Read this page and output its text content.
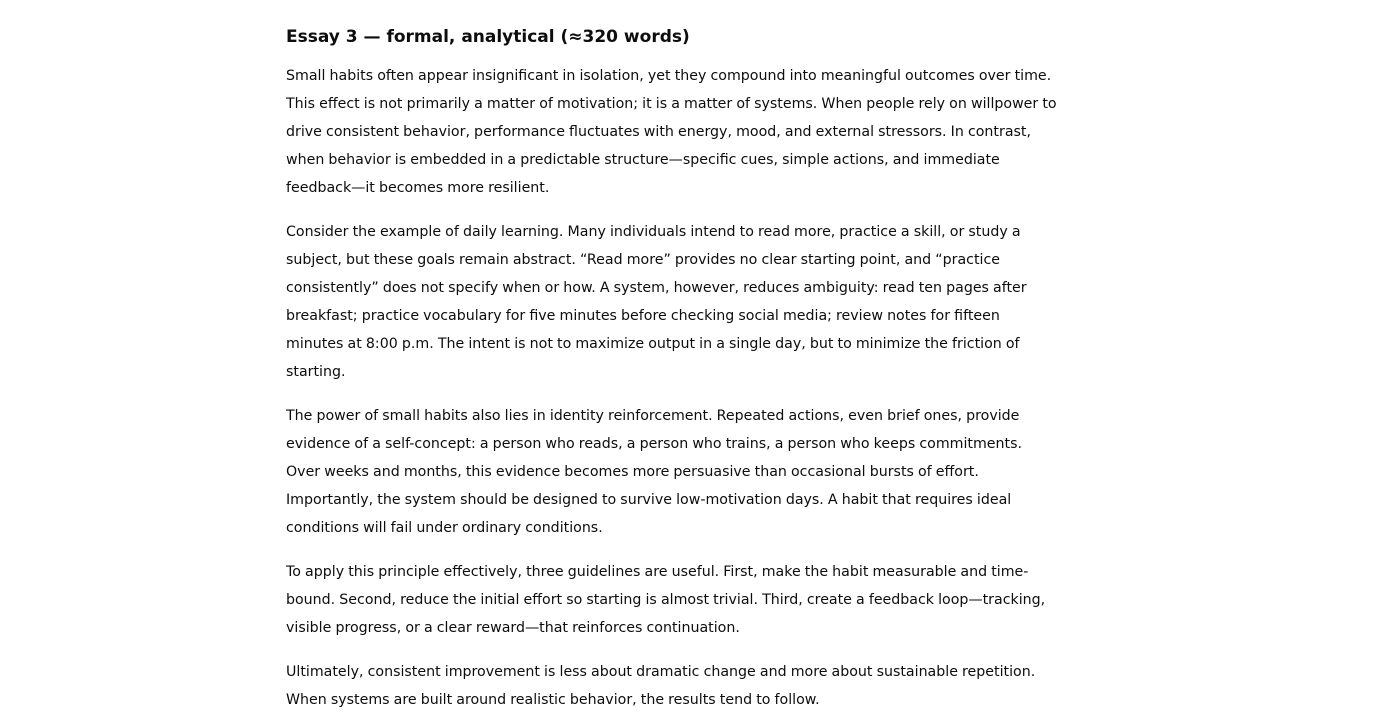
Essay 3 — formal, analytical (≈320 words)

Small habits often appear insignificant in isolation, yet they compound into meaningful outcomes over time. This effect is not primarily a matter of motivation; it is a matter of systems. When people rely on willpower to drive consistent behavior, performance fluctuates with energy, mood, and external stressors. In contrast, when behavior is embedded in a predictable structure—specific cues, simple actions, and immediate feedback—it becomes more resilient.

Consider the example of daily learning. Many individuals intend to read more, practice a skill, or study a subject, but these goals remain abstract. “Read more” provides no clear starting point, and “practice consistently” does not specify when or how. A system, however, reduces ambiguity: read ten pages after breakfast; practice vocabulary for five minutes before checking social media; review notes for fifteen minutes at 8:00 p.m. The intent is not to maximize output in a single day, but to minimize the friction of starting.

The power of small habits also lies in identity reinforcement. Repeated actions, even brief ones, provide evidence of a self-concept: a person who reads, a person who trains, a person who keeps commitments. Over weeks and months, this evidence becomes more persuasive than occasional bursts of effort. Importantly, the system should be designed to survive low-motivation days. A habit that requires ideal conditions will fail under ordinary conditions.

To apply this principle effectively, three guidelines are useful. First, make the habit measurable and time-bound. Second, reduce the initial effort so starting is almost trivial. Third, create a feedback loop—tracking, visible progress, or a clear reward—that reinforces continuation.

Ultimately, consistent improvement is less about dramatic change and more about sustainable repetition. When systems are built around realistic behavior, the results tend to follow.
